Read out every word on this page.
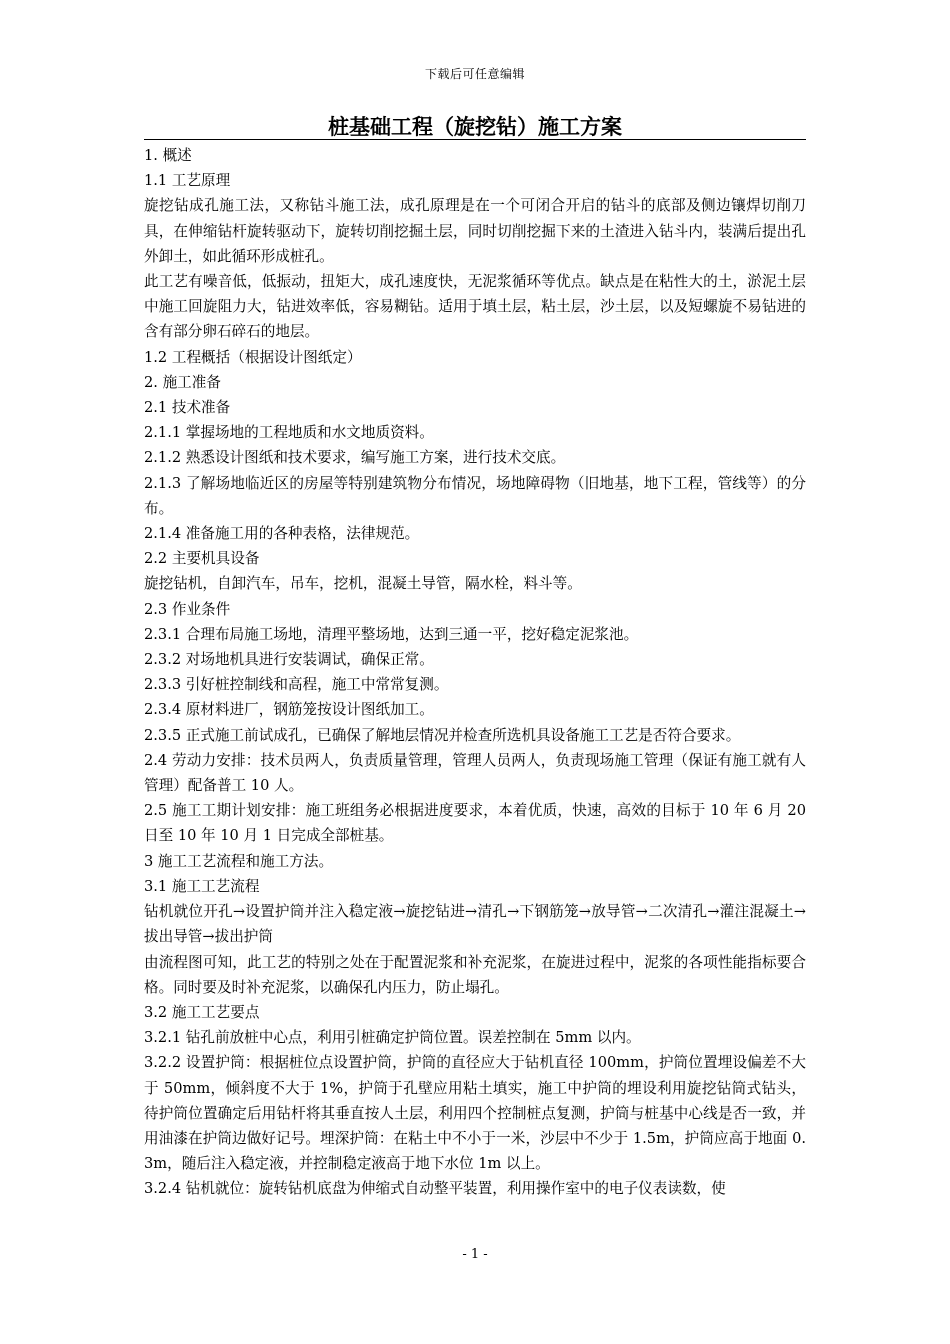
下载后可任意编辑
桩基础工程（旋挖钻）施工方案

1. 概述

1.1 工艺原理

旋挖钻成孔施工法，又称钻斗施工法，成孔原理是在一个可闭合开启的钻斗的底部及侧边镶焊切削刀具，在伸缩钻杆旋转驱动下，旋转切削挖掘土层，同时切削挖掘下来的土渣进入钻斗内，装满后提出孔外卸土，如此循环形成桩孔。

此工艺有噪音低，低振动，扭矩大，成孔速度快，无泥浆循环等优点。缺点是在粘性大的土，淤泥土层中施工回旋阻力大，钻进效率低，容易糊钻。适用于填土层，粘土层，沙土层，以及短螺旋不易钻进的含有部分卵石碎石的地层。

1.2 工程概括（根据设计图纸定）

2. 施工准备

2.1 技术准备

2.1.1 掌握场地的工程地质和水文地质资料。

2.1.2 熟悉设计图纸和技术要求，编写施工方案，进行技术交底。

2.1.3 了解场地临近区的房屋等特别建筑物分布情况，场地障碍物（旧地基，地下工程，管线等）的分布。

2.1.4 准备施工用的各种表格，法律规范。

2.2 主要机具设备

旋挖钻机，自卸汽车，吊车，挖机，混凝土导管，隔水栓，料斗等。

2.3 作业条件

2.3.1 合理布局施工场地，清理平整场地，达到三通一平，挖好稳定泥浆池。

2.3.2 对场地机具进行安装调试，确保正常。

2.3.3 引好桩控制线和高程，施工中常常复测。

2.3.4 原材料进厂，钢筋笼按设计图纸加工。

2.3.5 正式施工前试成孔，已确保了解地层情况并检查所选机具设备施工工艺是否符合要求。

2.4 劳动力安排：技术员两人，负责质量管理，管理人员两人，负责现场施工管理（保证有施工就有人管理）配备普工 10 人。

2.5 施工工期计划安排：施工班组务必根据进度要求，本着优质，快速，高效的目标于 10 年 6 月 20 日至 10 年 10 月 1 日完成全部桩基。

3 施工工艺流程和施工方法。

3.1 施工工艺流程

钻机就位开孔→设置护筒并注入稳定液→旋挖钻进→清孔→下钢筋笼→放导管→二次清孔→灌注混凝土→拔出导管→拔出护筒

由流程图可知，此工艺的特别之处在于配置泥浆和补充泥浆，在旋进过程中，泥浆的各项性能指标要合格。同时要及时补充泥浆，以确保孔内压力，防止塌孔。

3.2 施工工艺要点

3.2.1 钻孔前放桩中心点，利用引桩确定护筒位置。误差控制在 5mm 以内。

3.2.2 设置护筒：根据桩位点设置护筒，护筒的直径应大于钻机直径 100mm，护筒位置埋设偏差不大于 50mm，倾斜度不大于 1%，护筒于孔壁应用粘土填实，施工中护筒的埋设利用旋挖钻筒式钻头，待护筒位置确定后用钻杆将其垂直按人土层，利用四个控制桩点复测，护筒与桩基中心线是否一致，并用油漆在护筒边做好记号。埋深护筒：在粘土中不小于一米，沙层中不少于 1.5m，护筒应高于地面 0.3m，随后注入稳定液，并控制稳定液高于地下水位 1m 以上。

3.2.4 钻机就位：旋转钻机底盘为伸缩式自动整平装置，利用操作室中的电子仪表读数，使

- 1 -
